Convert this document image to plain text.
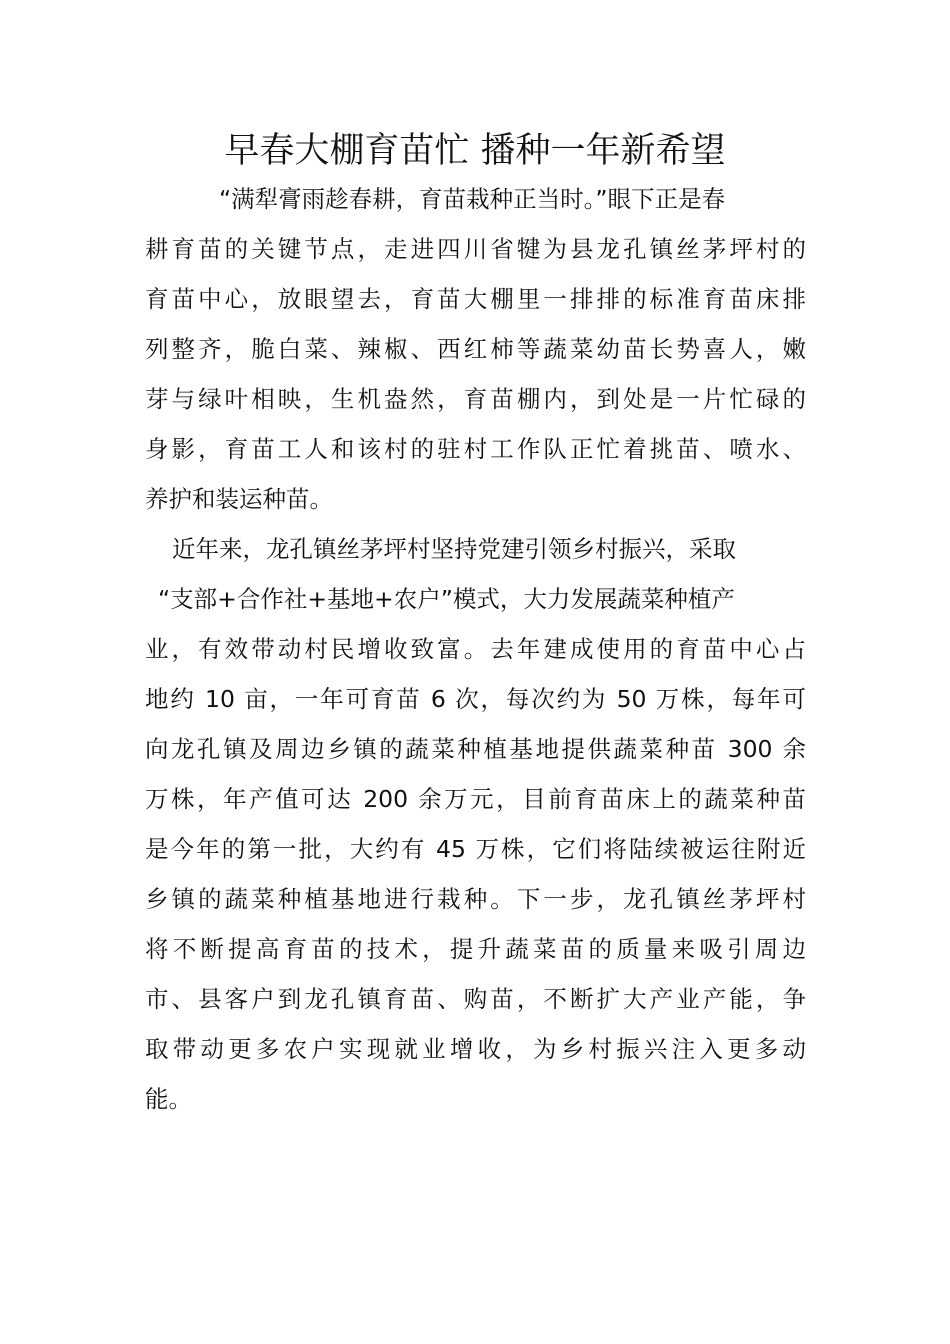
早春大棚育苗忙 播种一年新希望

“满犁膏雨趁春耕，育苗栽种正当时。”眼下正是春

耕育苗的关键节点，走进四川省犍为县龙孔镇丝茅坪村的

育苗中心，放眼望去，育苗大棚里一排排的标准育苗床排

列整齐，脆白菜、辣椒、西红柿等蔬菜幼苗长势喜人，嫩

芽与绿叶相映，生机盎然，育苗棚内，到处是一片忙碌的

身影，育苗工人和该村的驻村工作队正忙着挑苗、喷水、

养护和装运种苗。

近年来，龙孔镇丝茅坪村坚持党建引领乡村振兴，采取

“支部+合作社+基地+农户”模式，大力发展蔬菜种植产

业，有效带动村民增收致富。去年建成使用的育苗中心占

地约 10 亩，一年可育苗 6 次，每次约为 50 万株，每年可

向龙孔镇及周边乡镇的蔬菜种植基地提供蔬菜种苗 300 余

万株，年产值可达 200 余万元，目前育苗床上的蔬菜种苗

是今年的第一批，大约有 45 万株，它们将陆续被运往附近

乡镇的蔬菜种植基地进行栽种。下一步，龙孔镇丝茅坪村

将不断提高育苗的技术，提升蔬菜苗的质量来吸引周边

市、县客户到龙孔镇育苗、购苗，不断扩大产业产能，争

取带动更多农户实现就业增收，为乡村振兴注入更多动

能。
